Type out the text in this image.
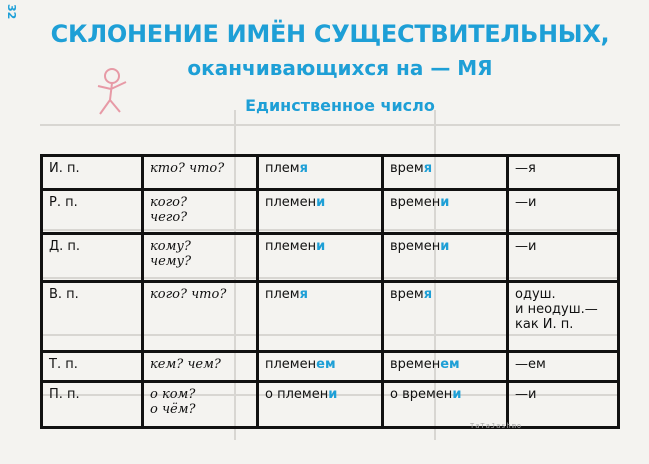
32
СКЛОНЕНИЕ ИМЁН СУЩЕСТВИТЕЛЬНЫХ,
оканчивающихся на — МЯ
Единственное число
И. п.	кто? что?	племя	время	—я
Р. п.	кого?
чего?	племени	времени	—и
Д. п.	кому?
чему?	племени	времени	—и
В. п.	кого? что?	племя	время	одуш.
и неодуш.—
как И. п.

Т. п.	кем? чем?	племенем	временем	—ем
П. п.	о ком?
о чём?	о племени	о времени	—и
TaTaJashmo
